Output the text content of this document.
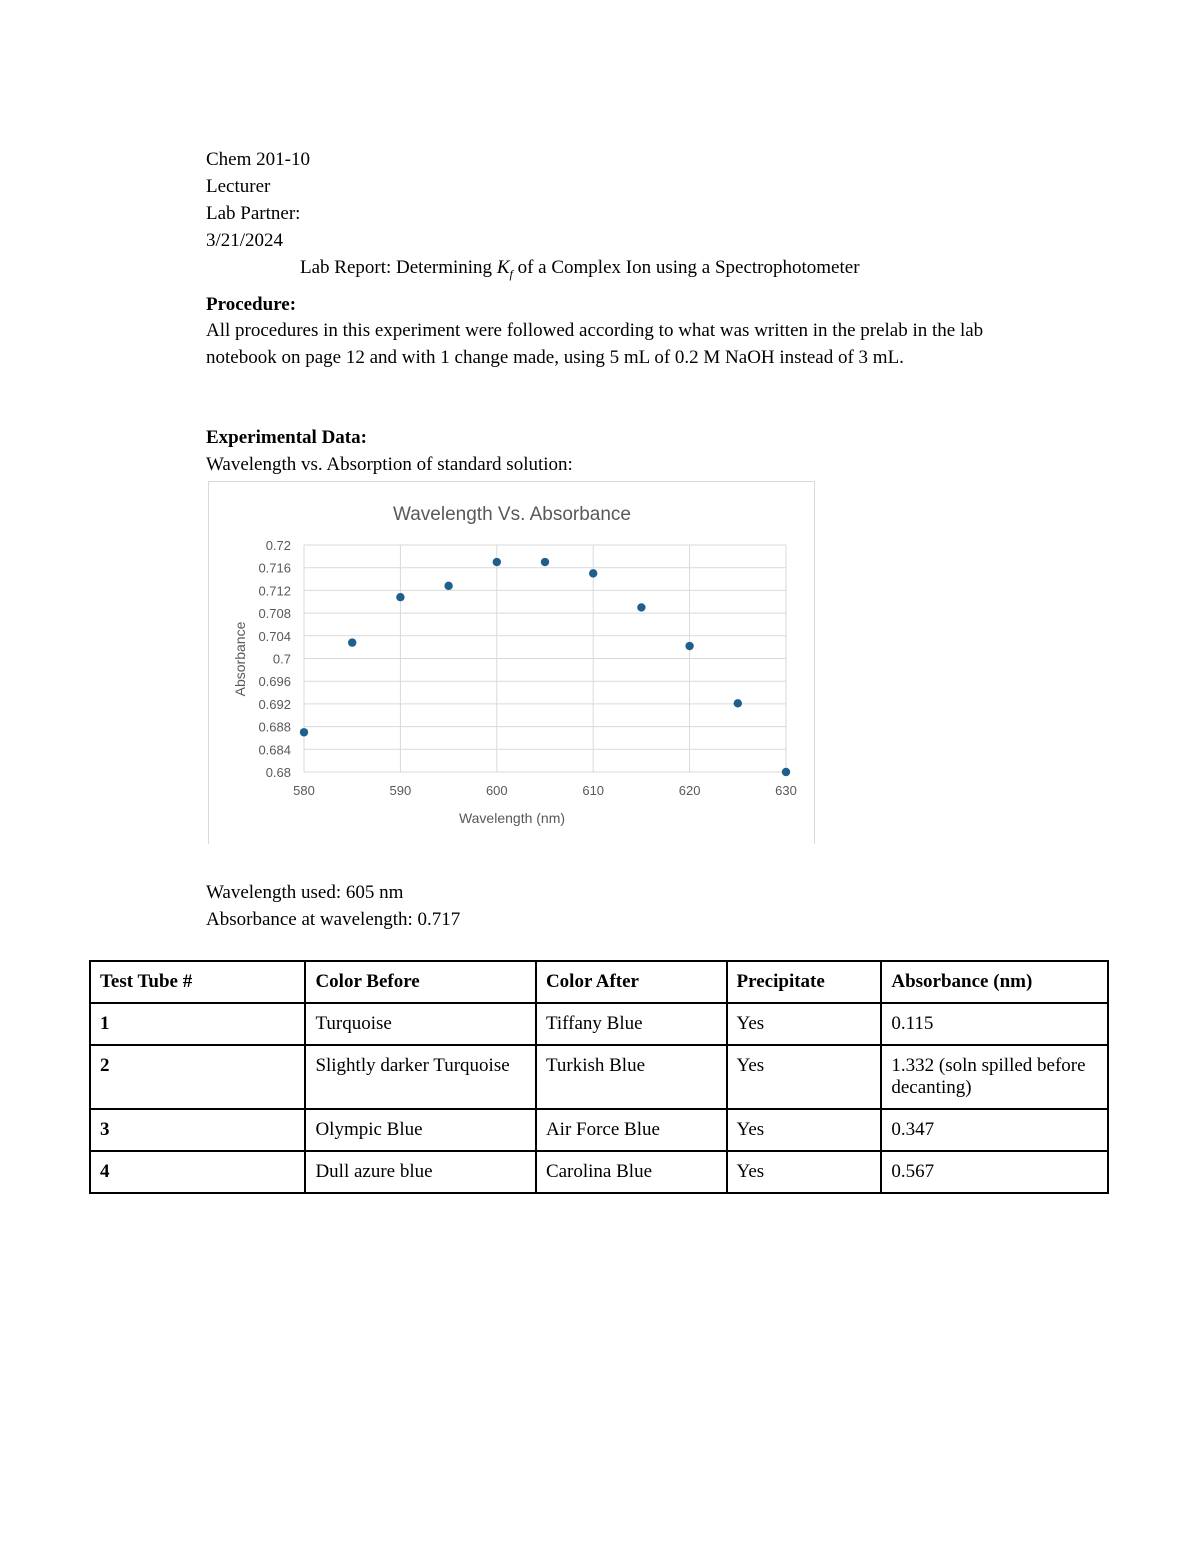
Chem 201-10
Lecturer
Lab Partner:
3/21/2024
Lab Report: Determining $K_f$ of a Complex Ion using a Spectrophotometer
Procedure:
All procedures in this experiment were followed according to what was written in the prelab in the lab notebook on page 12 and with 1 change made, using 5 mL of 0.2 M NaOH instead of 3 mL.
Experimental Data:
Wavelength vs. Absorption of standard solution:
0.68
0.684
0.688
0.692
0.696
0.7
0.704
0.708
0.712
0.716
0.72
580	590	600	610	620	630
Wavelength Vs. Absorbance
Wavelength (nm)
Absorbance
Wavelength used: 605 nm
Absorbance at wavelength: 0.717
Test Tube #	Color Before	Color After	Precipitate	Absorbance (nm)
1	Turquoise	Tiffany Blue	Yes	0.115
2	Slightly darker Turquoise	Turkish Blue	Yes	1.332 (soln spilled before decanting)
3	Olympic Blue	Air Force Blue	Yes	0.347
4	Dull azure blue	Carolina Blue	Yes	0.567
